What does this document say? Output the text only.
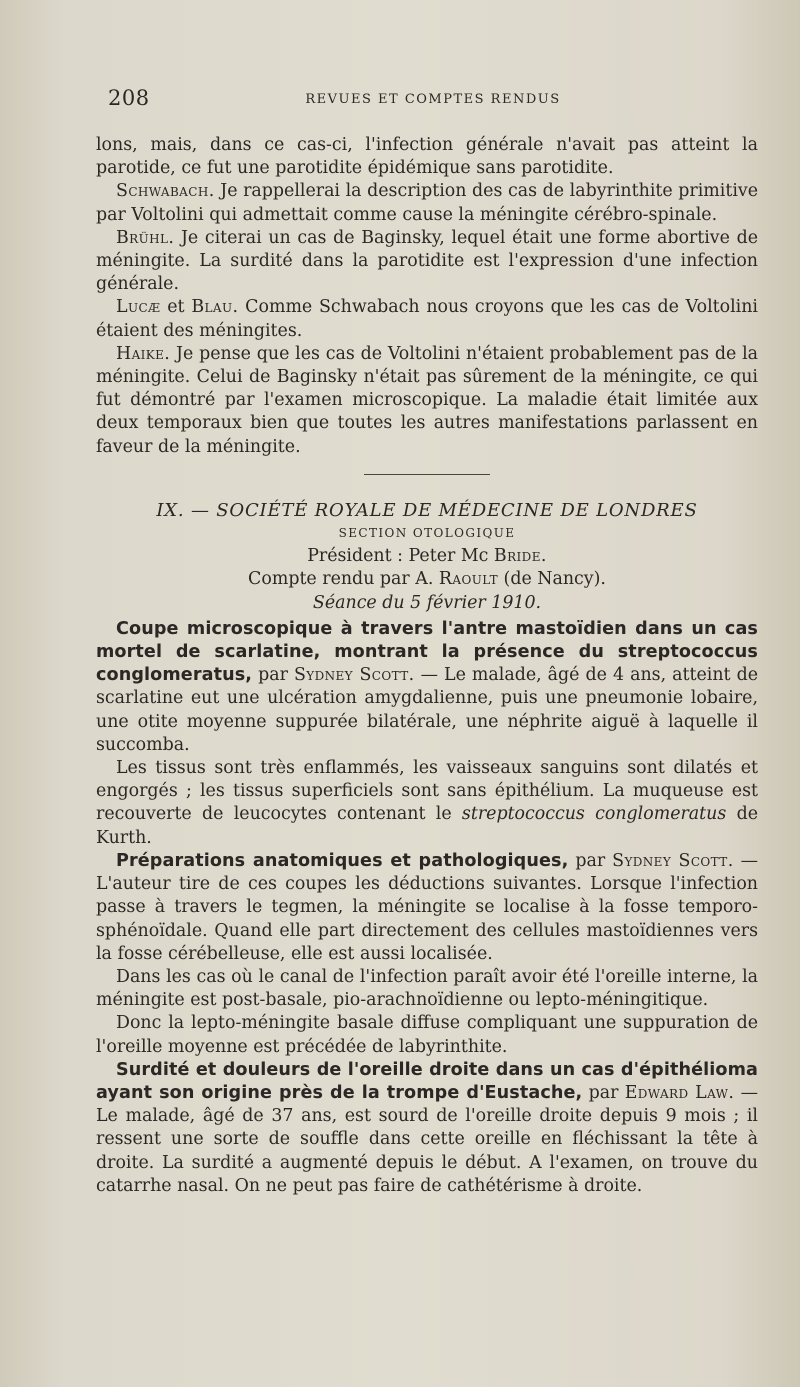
208	REVUES ET COMPTES RENDUS

lons, mais, dans ce cas-ci, l'infection générale n'avait pas atteint la parotide, ce fut une parotidite épidémique sans parotidite.

Schwabach. Je rappellerai la description des cas de labyrinthite primitive par Voltolini qui admettait comme cause la méningite cérébro-spinale.

Brühl. Je citerai un cas de Baginsky, lequel était une forme abortive de méningite. La surdité dans la parotidite est l'expression d'une infection générale.

Lucæ et Blau. Comme Schwabach nous croyons que les cas de Voltolini étaient des méningites.

Haike. Je pense que les cas de Voltolini n'étaient probablement pas de la méningite. Celui de Baginsky n'était pas sûrement de la méningite, ce qui fut démontré par l'examen microscopique. La maladie était limitée aux deux temporaux bien que toutes les autres manifestations parlassent en faveur de la méningite.

IX. — SOCIÉTÉ ROYALE DE MÉDECINE DE LONDRES

SECTION OTOLOGIQUE

Président : Peter Mc Bride.

Compte rendu par A. Raoult (de Nancy).

Séance du 5 février 1910.

Coupe microscopique à travers l'antre mastoïdien dans un cas mortel de scarlatine, montrant la présence du streptococcus conglomeratus, par Sydney Scott. — Le malade, âgé de 4 ans, atteint de scarlatine eut une ulcération amygdalienne, puis une pneumonie lobaire, une otite moyenne suppurée bilatérale, une néphrite aiguë à laquelle il succomba.

Les tissus sont très enflammés, les vaisseaux sanguins sont dilatés et engorgés ; les tissus superficiels sont sans épithélium. La muqueuse est recouverte de leucocytes contenant le streptococcus conglomeratus de Kurth.

Préparations anatomiques et pathologiques, par Sydney Scott. — L'auteur tire de ces coupes les déductions suivantes. Lorsque l'infection passe à travers le tegmen, la méningite se localise à la fosse temporo-sphénoïdale. Quand elle part directement des cellules mastoïdiennes vers la fosse cérébelleuse, elle est aussi localisée.

Dans les cas où le canal de l'infection paraît avoir été l'oreille interne, la méningite est post-basale, pio-arachnoïdienne ou lepto-méningitique.

Donc la lepto-méningite basale diffuse compliquant une suppuration de l'oreille moyenne est précédée de labyrinthite.

Surdité et douleurs de l'oreille droite dans un cas d'épithélioma ayant son origine près de la trompe d'Eustache, par Edward Law. — Le malade, âgé de 37 ans, est sourd de l'oreille droite depuis 9 mois ; il ressent une sorte de souffle dans cette oreille en fléchissant la tête à droite. La surdité a augmenté depuis le début. A l'examen, on trouve du catarrhe nasal. On ne peut pas faire de cathétérisme à droite.
